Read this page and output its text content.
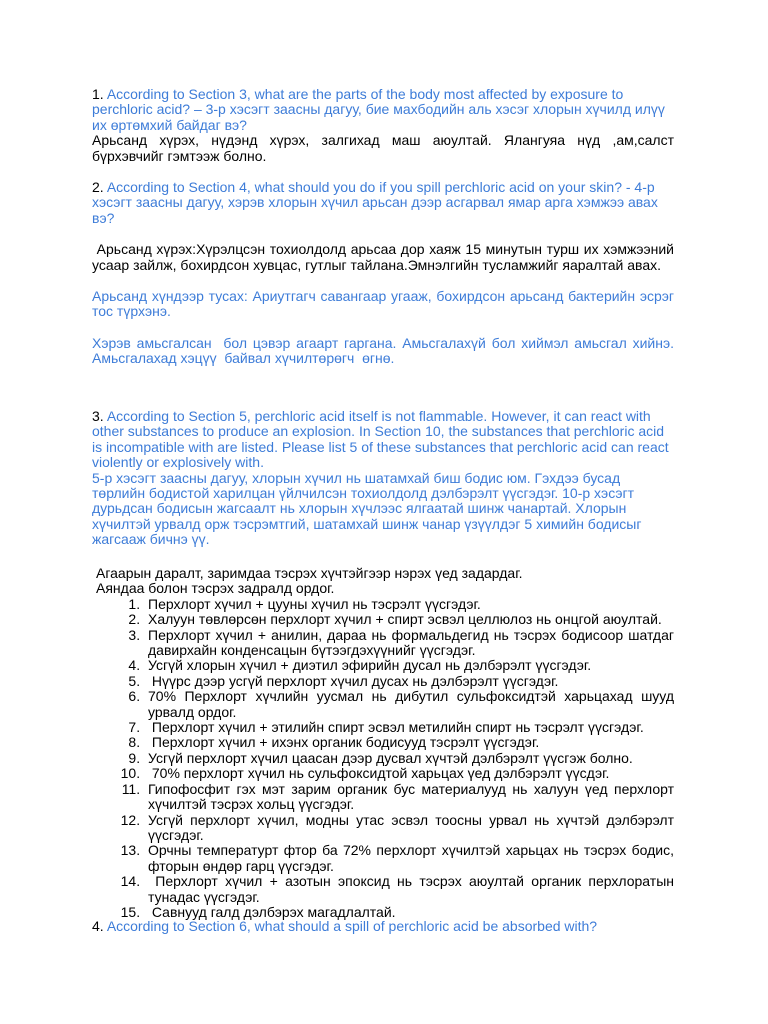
1. According to Section 3, what are the parts of the body most affected by exposure to perchloric acid? – 3-р хэсэгт заасны дагуу, бие махбодийн аль хэсэг хлорын хүчилд илүү их өртөмхий байдаг вэ?

Арьсанд хүрэх, нүдэнд хүрэх, залгихад маш аюултай. Ялангуяа нүд ,ам,салст бүрхэвчийг гэмтээж болно.

2. According to Section 4, what should you do if you spill perchloric acid on your skin? - 4-р хэсэгт заасны дагуу, хэрэв хлорын хүчил арьсан дээр асгарвал ямар арга хэмжээ авах вэ?

Арьсанд хүрэх:Хүрэлцсэн тохиолдолд арьсаа дор хаяж 15 минутын турш их хэмжээний усаар зайлж, бохирдсон хувцас, гутлыг тайлана.Эмнэлгийн тусламжийг яаралтай авах.

Арьсанд хүндээр тусах: Ариутгагч савангаар угааж, бохирдсон арьсанд бактерийн эсрэг тос түрхэнэ.

Хэрэв амьсгалсан  бол цэвэр агаарт гаргана. Амьсгалахүй бол хиймэл амьсгал хийнэ. Амьсгалахад хэцүү  байвал хүчилтөрөгч  өгнө.

3. According to Section 5, perchloric acid itself is not flammable. However, it can react with other substances to produce an explosion. In Section 10, the substances that perchloric acid is incompatible with are listed. Please list 5 of these substances that perchloric acid can react violently or explosively with.

5-р хэсэгт заасны дагуу, хлорын хүчил нь шатамхай биш бодис юм. Гэхдээ бусад төрлийн бодистой харилцан үйлчилсэн тохиолдолд дэлбэрэлт үүсгэдэг. 10-р хэсэгт дурьдсан бодисын жагсаалт нь хлорын хүчлээс ялгаатай шинж чанартай. Хлорын хүчилтэй урвалд орж тэсрэмтгий, шатамхай шинж чанар үзүүлдэг 5 химийн бодисыг жагсааж бичнэ үү.

Агаарын даралт, заримдаа тэсрэх хүчтэйгээр нэрэх үед задардаг.

Аяндаа болон тэсрэх задралд ордог.

1. Перхлорт хүчил + цууны хүчил нь тэсрэлт үүсгэдэг.
2. Халуун төвлөрсөн перхлорт хүчил + спирт эсвэл целлюлоз нь онцгой аюултай.
3. Перхлорт хүчил + анилин, дараа нь формальдегид нь тэсрэх бодисоор шатдаг давирхайн конденсацын бүтээгдэхүүнийг үүсгэдэг.
4. Усгүй хлорын хүчил + диэтил эфирийн дусал нь дэлбэрэлт үүсгэдэг.
5.  Нүүрс дээр усгүй перхлорт хүчил дусах нь дэлбэрэлт үүсгэдэг.
6. 70% Перхлорт хүчлийн уусмал нь дибутил сульфоксидтэй харьцахад шууд урвалд ордог.
7.  Перхлорт хүчил + этилийн спирт эсвэл метилийн спирт нь тэсрэлт үүсгэдэг.
8.  Перхлорт хүчил + ихэнх органик бодисууд тэсрэлт үүсгэдэг.
9. Усгүй перхлорт хүчил цаасан дээр дусвал хүчтэй дэлбэрэлт үүсгэж болно.
10.  70% перхлорт хүчил нь сульфоксидтой харьцах үед дэлбэрэлт үүсдэг.
11. Гипофосфит гэх мэт зарим органик бус материалууд нь халуун үед перхлорт хүчилтэй тэсрэх хольц үүсгэдэг.
12. Усгүй перхлорт хүчил, модны утас эсвэл тоосны урвал нь хүчтэй дэлбэрэлт үүсгэдэг.
13. Орчны температурт фтор ба 72% перхлорт хүчилтэй харьцах нь тэсрэх бодис, фторын өндөр гарц үүсгэдэг.
14.  Перхлорт хүчил + азотын эпоксид нь тэсрэх аюултай органик перхлоратын тунадас үүсгэдэг.
15.  Савнууд галд дэлбэрэх магадлалтай.

4. According to Section 6, what should a spill of perchloric acid be absorbed with?
